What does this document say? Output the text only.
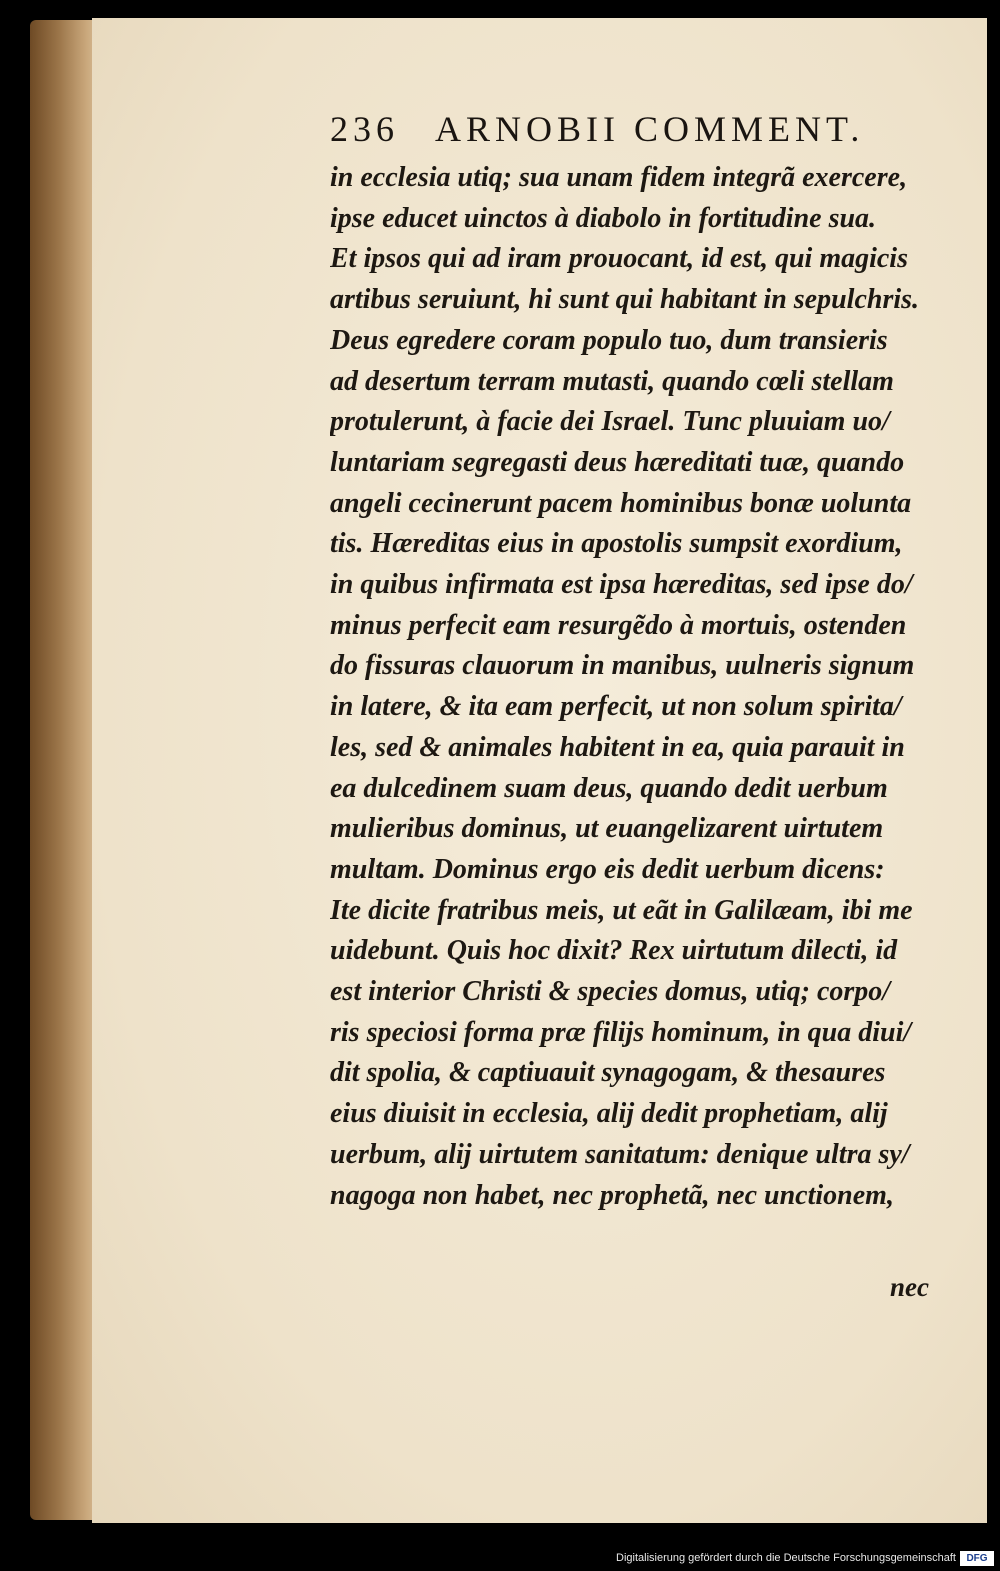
236 ARNOBII COMMENT.
in ecclesia utiq; sua unam fidem integrã exercere,
ipse educet uinctos à diabolo in fortitudine sua.
Et ipsos qui ad iram prouocant, id est, qui magicis
artibus seruiunt, hi sunt qui habitant in sepulchris.
Deus egredere coram populo tuo, dum transieris
ad desertum terram mutasti, quando cœli stellam
protulerunt, à facie dei Israel. Tunc pluuiam uo/
luntariam segregasti deus hæreditati tuæ, quando
angeli cecinerunt pacem hominibus bonæ uolunta
tis. Hæreditas eius in apostolis sumpsit exordium,
in quibus infirmata est ipsa hæreditas, sed ipse do/
minus perfecit eam resurgẽdo à mortuis, ostenden
do fissuras clauorum in manibus, uulneris signum
in latere, & ita eam perfecit, ut non solum spirita/
les, sed & animales habitent in ea, quia parauit in
ea dulcedinem suam deus, quando dedit uerbum
mulieribus dominus, ut euangelizarent uirtutem
multam. Dominus ergo eis dedit uerbum dicens:
Ite dicite fratribus meis, ut eãt in Galilæam, ibi me
uidebunt. Quis hoc dixit? Rex uirtutum dilecti, id
est interior Christi & species domus, utiq; corpo/
ris speciosi forma præ filijs hominum, in qua diui/
dit spolia, & captiuauit synagogam, & thesaures
eius diuisit in ecclesia, alij dedit prophetiam, alij
uerbum, alij uirtutem sanitatum: denique ultra sy/
nagoga non habet, nec prophetã, nec unctionem,
nec
Digitalisierung gefördert durch die Deutsche Forschungsgemeinschaft	DFG
